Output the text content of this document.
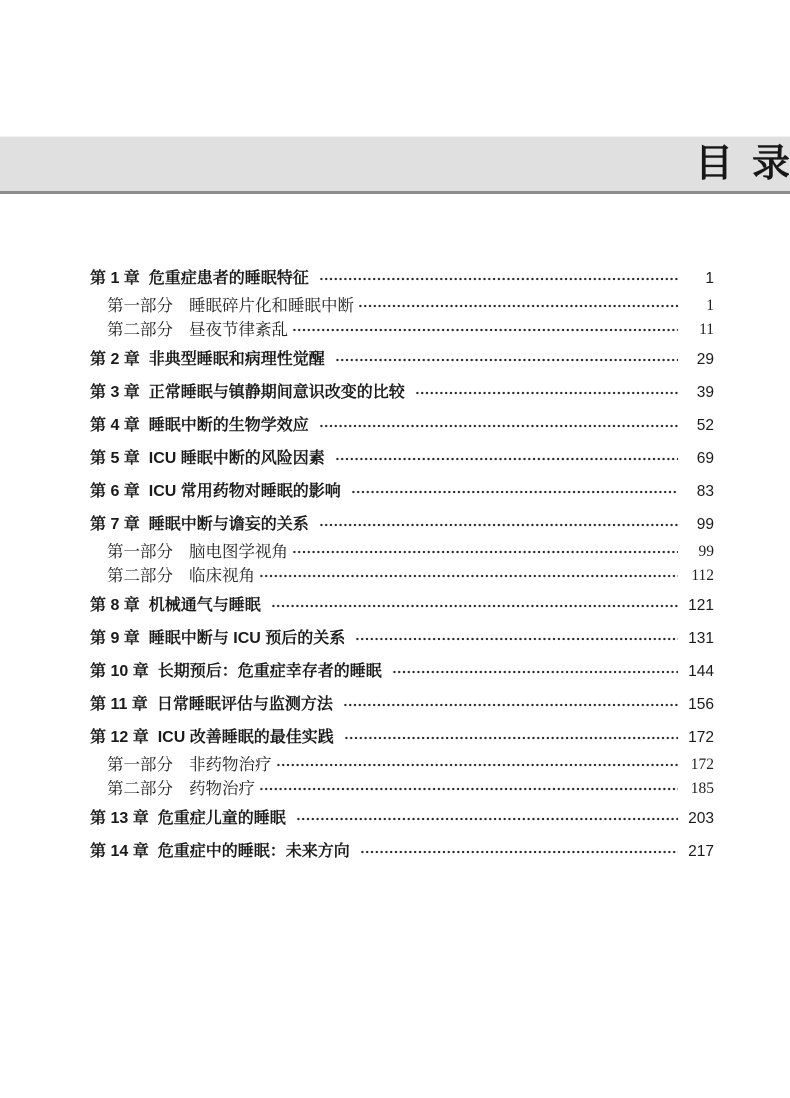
目  录
第 1 章 危重症患者的睡眠特征	1
第一部分 睡眠碎片化和睡眠中断	1
第二部分 昼夜节律紊乱	11
第 2 章 非典型睡眠和病理性觉醒	29
第 3 章 正常睡眠与镇静期间意识改变的比较	39
第 4 章 睡眠中断的生物学效应	52
第 5 章 ICU 睡眠中断的风险因素	69
第 6 章 ICU 常用药物对睡眠的影响	83
第 7 章 睡眠中断与谵妄的关系	99
第一部分 脑电图学视角	99
第二部分 临床视角	112
第 8 章 机械通气与睡眠	121
第 9 章 睡眠中断与 ICU 预后的关系	131
第 10 章 长期预后：危重症幸存者的睡眠	144
第 11 章 日常睡眠评估与监测方法	156
第 12 章 ICU 改善睡眠的最佳实践	172
第一部分 非药物治疗	172
第二部分 药物治疗	185
第 13 章 危重症儿童的睡眠	203
第 14 章 危重症中的睡眠：未来方向	217
